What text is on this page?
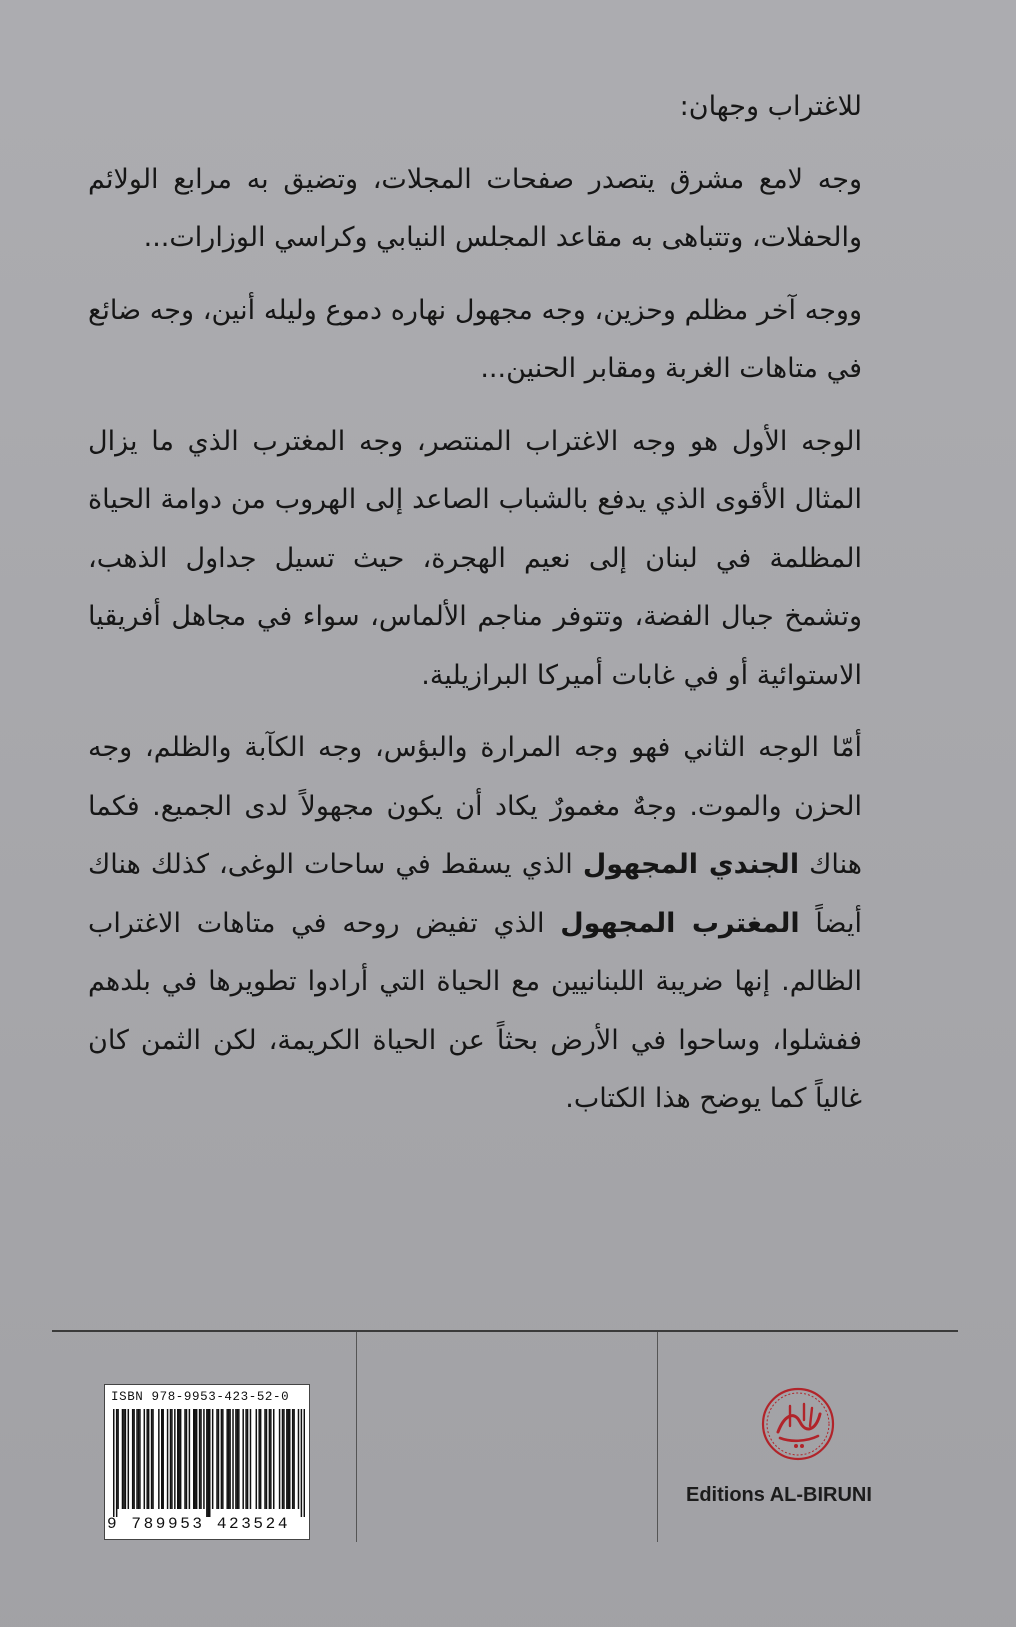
للاغتراب وجهان:

وجه لامع مشرق يتصدر صفحات المجلات، وتضيق به مرابع الولائم والحفلات، وتتباهى به مقاعد المجلس النيابي وكراسي الوزارات...

ووجه آخر مظلم وحزين، وجه مجهول نهاره دموع وليله أنين، وجه ضائع في متاهات الغربة ومقابر الحنين...

الوجه الأول هو وجه الاغتراب المنتصر، وجه المغترب الذي ما يزال المثال الأقوى الذي يدفع بالشباب الصاعد إلى الهروب من دوامة الحياة المظلمة في لبنان إلى نعيم الهجرة، حيث تسيل جداول الذهب، وتشمخ جبال الفضة، وتتوفر مناجم الألماس، سواء في مجاهل أفريقيا الاستوائية أو في غابات أميركا البرازيلية.

أمّا الوجه الثاني فهو وجه المرارة والبؤس، وجه الكآبة والظلم، وجه الحزن والموت. وجهٌ مغمورٌ يكاد أن يكون مجهولاً لدى الجميع. فكما هناك الجندي المجهول الذي يسقط في ساحات الوغى، كذلك هناك أيضاً المغترب المجهول الذي تفيض روحه في متاهات الاغتراب الظالم. إنها ضريبة اللبنانيين مع الحياة التي أرادوا تطويرها في بلدهم ففشلوا، وساحوا في الأرض بحثاً عن الحياة الكريمة، لكن الثمن كان غالياً كما يوضح هذا الكتاب.

ISBN 978-9953-423-52-0
9 789953 423524
Editions AL-BIRUNI
